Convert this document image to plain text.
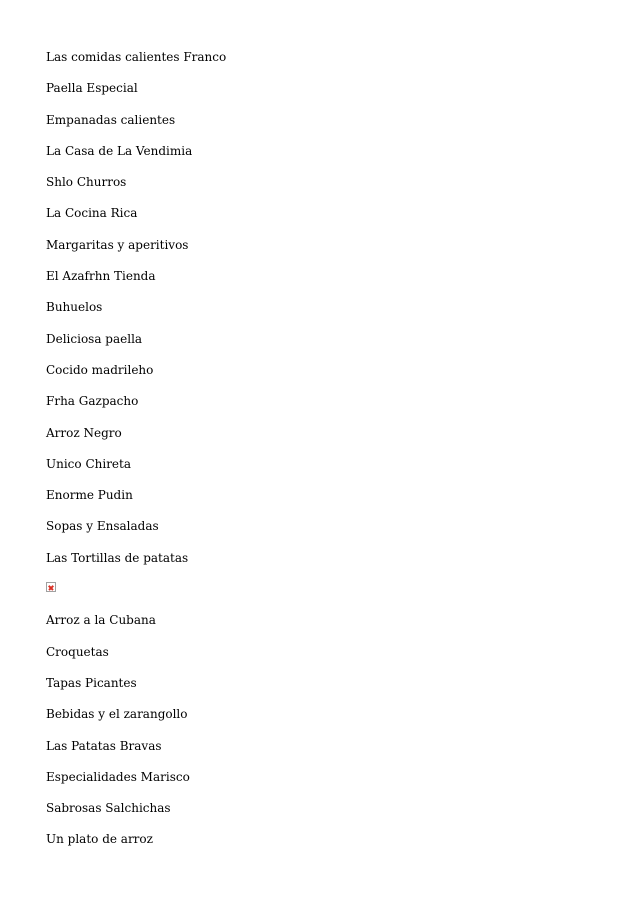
Las comidas calientes Franco
Paella Especial
Empanadas calientes
La Casa de La Vendimia
Shlo Churros
La Cocina Rica
Margaritas y aperitivos
El Azafrhn Tienda
Buhuelos
Deliciosa paella
Cocido madrileho
Frha Gazpacho
Arroz Negro
Unico Chireta
Enorme Pudin
Sopas y Ensaladas
Las Tortillas de patatas
Arroz a la Cubana
Croquetas
Tapas Picantes
Bebidas y el zarangollo
Las Patatas Bravas
Especialidades Marisco
Sabrosas Salchichas
Un plato de arroz
